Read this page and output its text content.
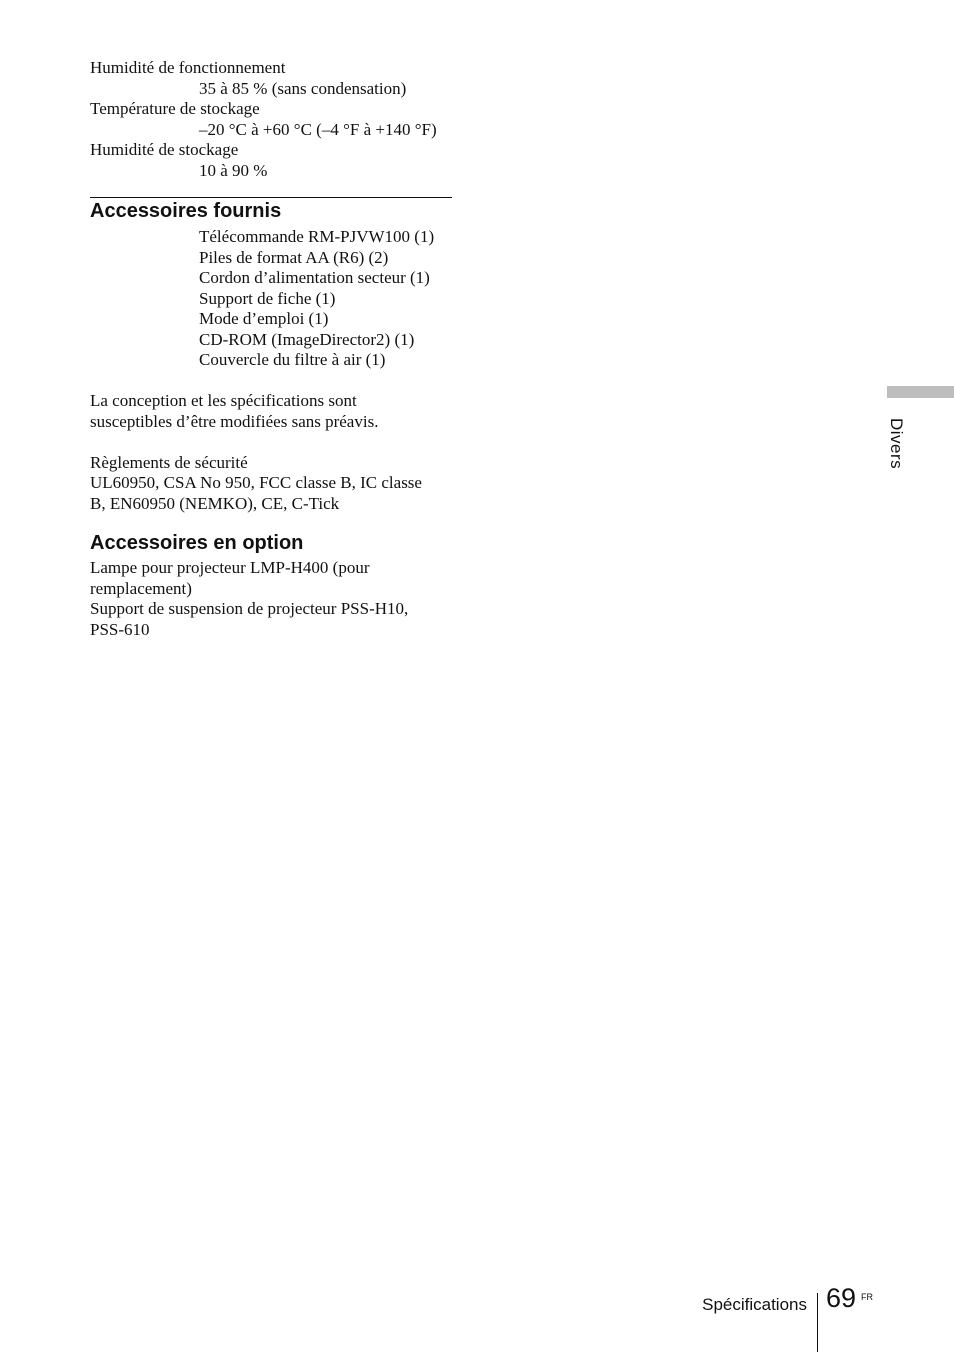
Humidité de fonctionnement
35 à 85 % (sans condensation)
Température de stockage
–20 °C à +60 °C (–4 °F à +140 °F)
Humidité de stockage
10 à 90 %
Accessoires fournis
Télécommande RM-PJVW100 (1)
Piles de format AA (R6) (2)
Cordon d’alimentation secteur (1)
Support de fiche (1)
Mode d’emploi (1)
CD-ROM (ImageDirector2) (1)
Couvercle du filtre à air (1)
La conception et les spécifications sont
susceptibles d’être modifiées sans préavis.
Règlements de sécurité
UL60950, CSA No 950, FCC classe B, IC classe
B, EN60950 (NEMKO), CE, C-Tick
Accessoires en option
Lampe pour projecteur LMP-H400 (pour
remplacement)
Support de suspension de projecteur PSS-H10,
PSS-610
Divers
Spécifications 69 FR
